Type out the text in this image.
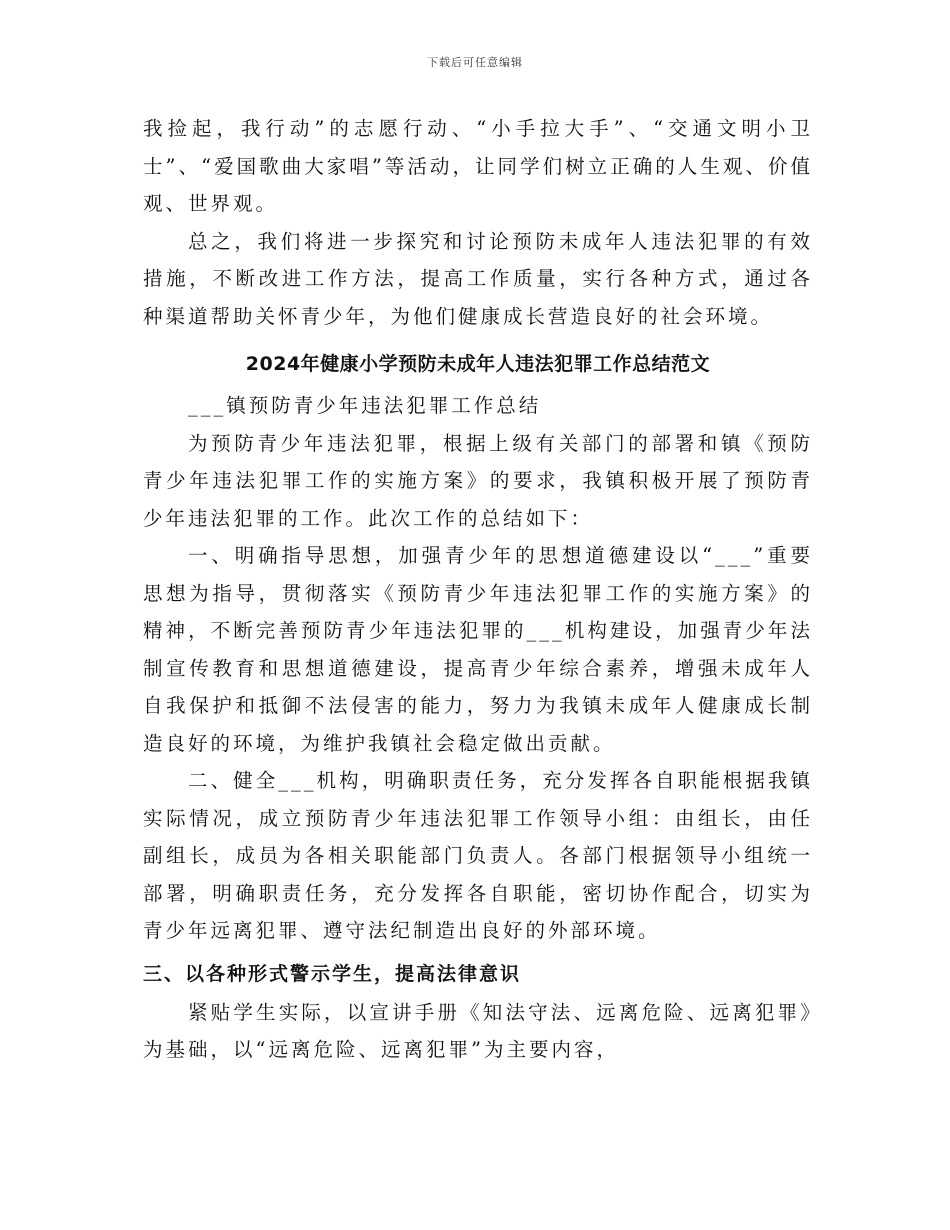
下载后可任意编辑

我捡起，我行动”的志愿行动、“小手拉大手”、“交通文明小卫士”、“爱国歌曲大家唱”等活动，让同学们树立正确的人生观、价值观、世界观。

总之，我们将进一步探究和讨论预防未成年人违法犯罪的有效措施，不断改进工作方法，提高工作质量，实行各种方式，通过各种渠道帮助关怀青少年，为他们健康成长营造良好的社会环境。

2024年健康小学预防未成年人违法犯罪工作总结范文

___镇预防青少年违法犯罪工作总结

为预防青少年违法犯罪，根据上级有关部门的部署和镇《预防青少年违法犯罪工作的实施方案》的要求，我镇积极开展了预防青少年违法犯罪的工作。此次工作的总结如下：

一、明确指导思想，加强青少年的思想道德建设以“___”重要思想为指导，贯彻落实《预防青少年违法犯罪工作的实施方案》的精神，不断完善预防青少年违法犯罪的___机构建设，加强青少年法制宣传教育和思想道德建设，提高青少年综合素养，增强未成年人自我保护和抵御不法侵害的能力，努力为我镇未成年人健康成长制造良好的环境，为维护我镇社会稳定做出贡献。

二、健全___机构，明确职责任务，充分发挥各自职能根据我镇实际情况，成立预防青少年违法犯罪工作领导小组：由组长，由任副组长，成员为各相关职能部门负责人。各部门根据领导小组统一部署，明确职责任务，充分发挥各自职能，密切协作配合，切实为青少年远离犯罪、遵守法纪制造出良好的外部环境。

三、以各种形式警示学生，提高法律意识

紧贴学生实际，以宣讲手册《知法守法、远离危险、远离犯罪》为基础，以“远离危险、远离犯罪”为主要内容，
